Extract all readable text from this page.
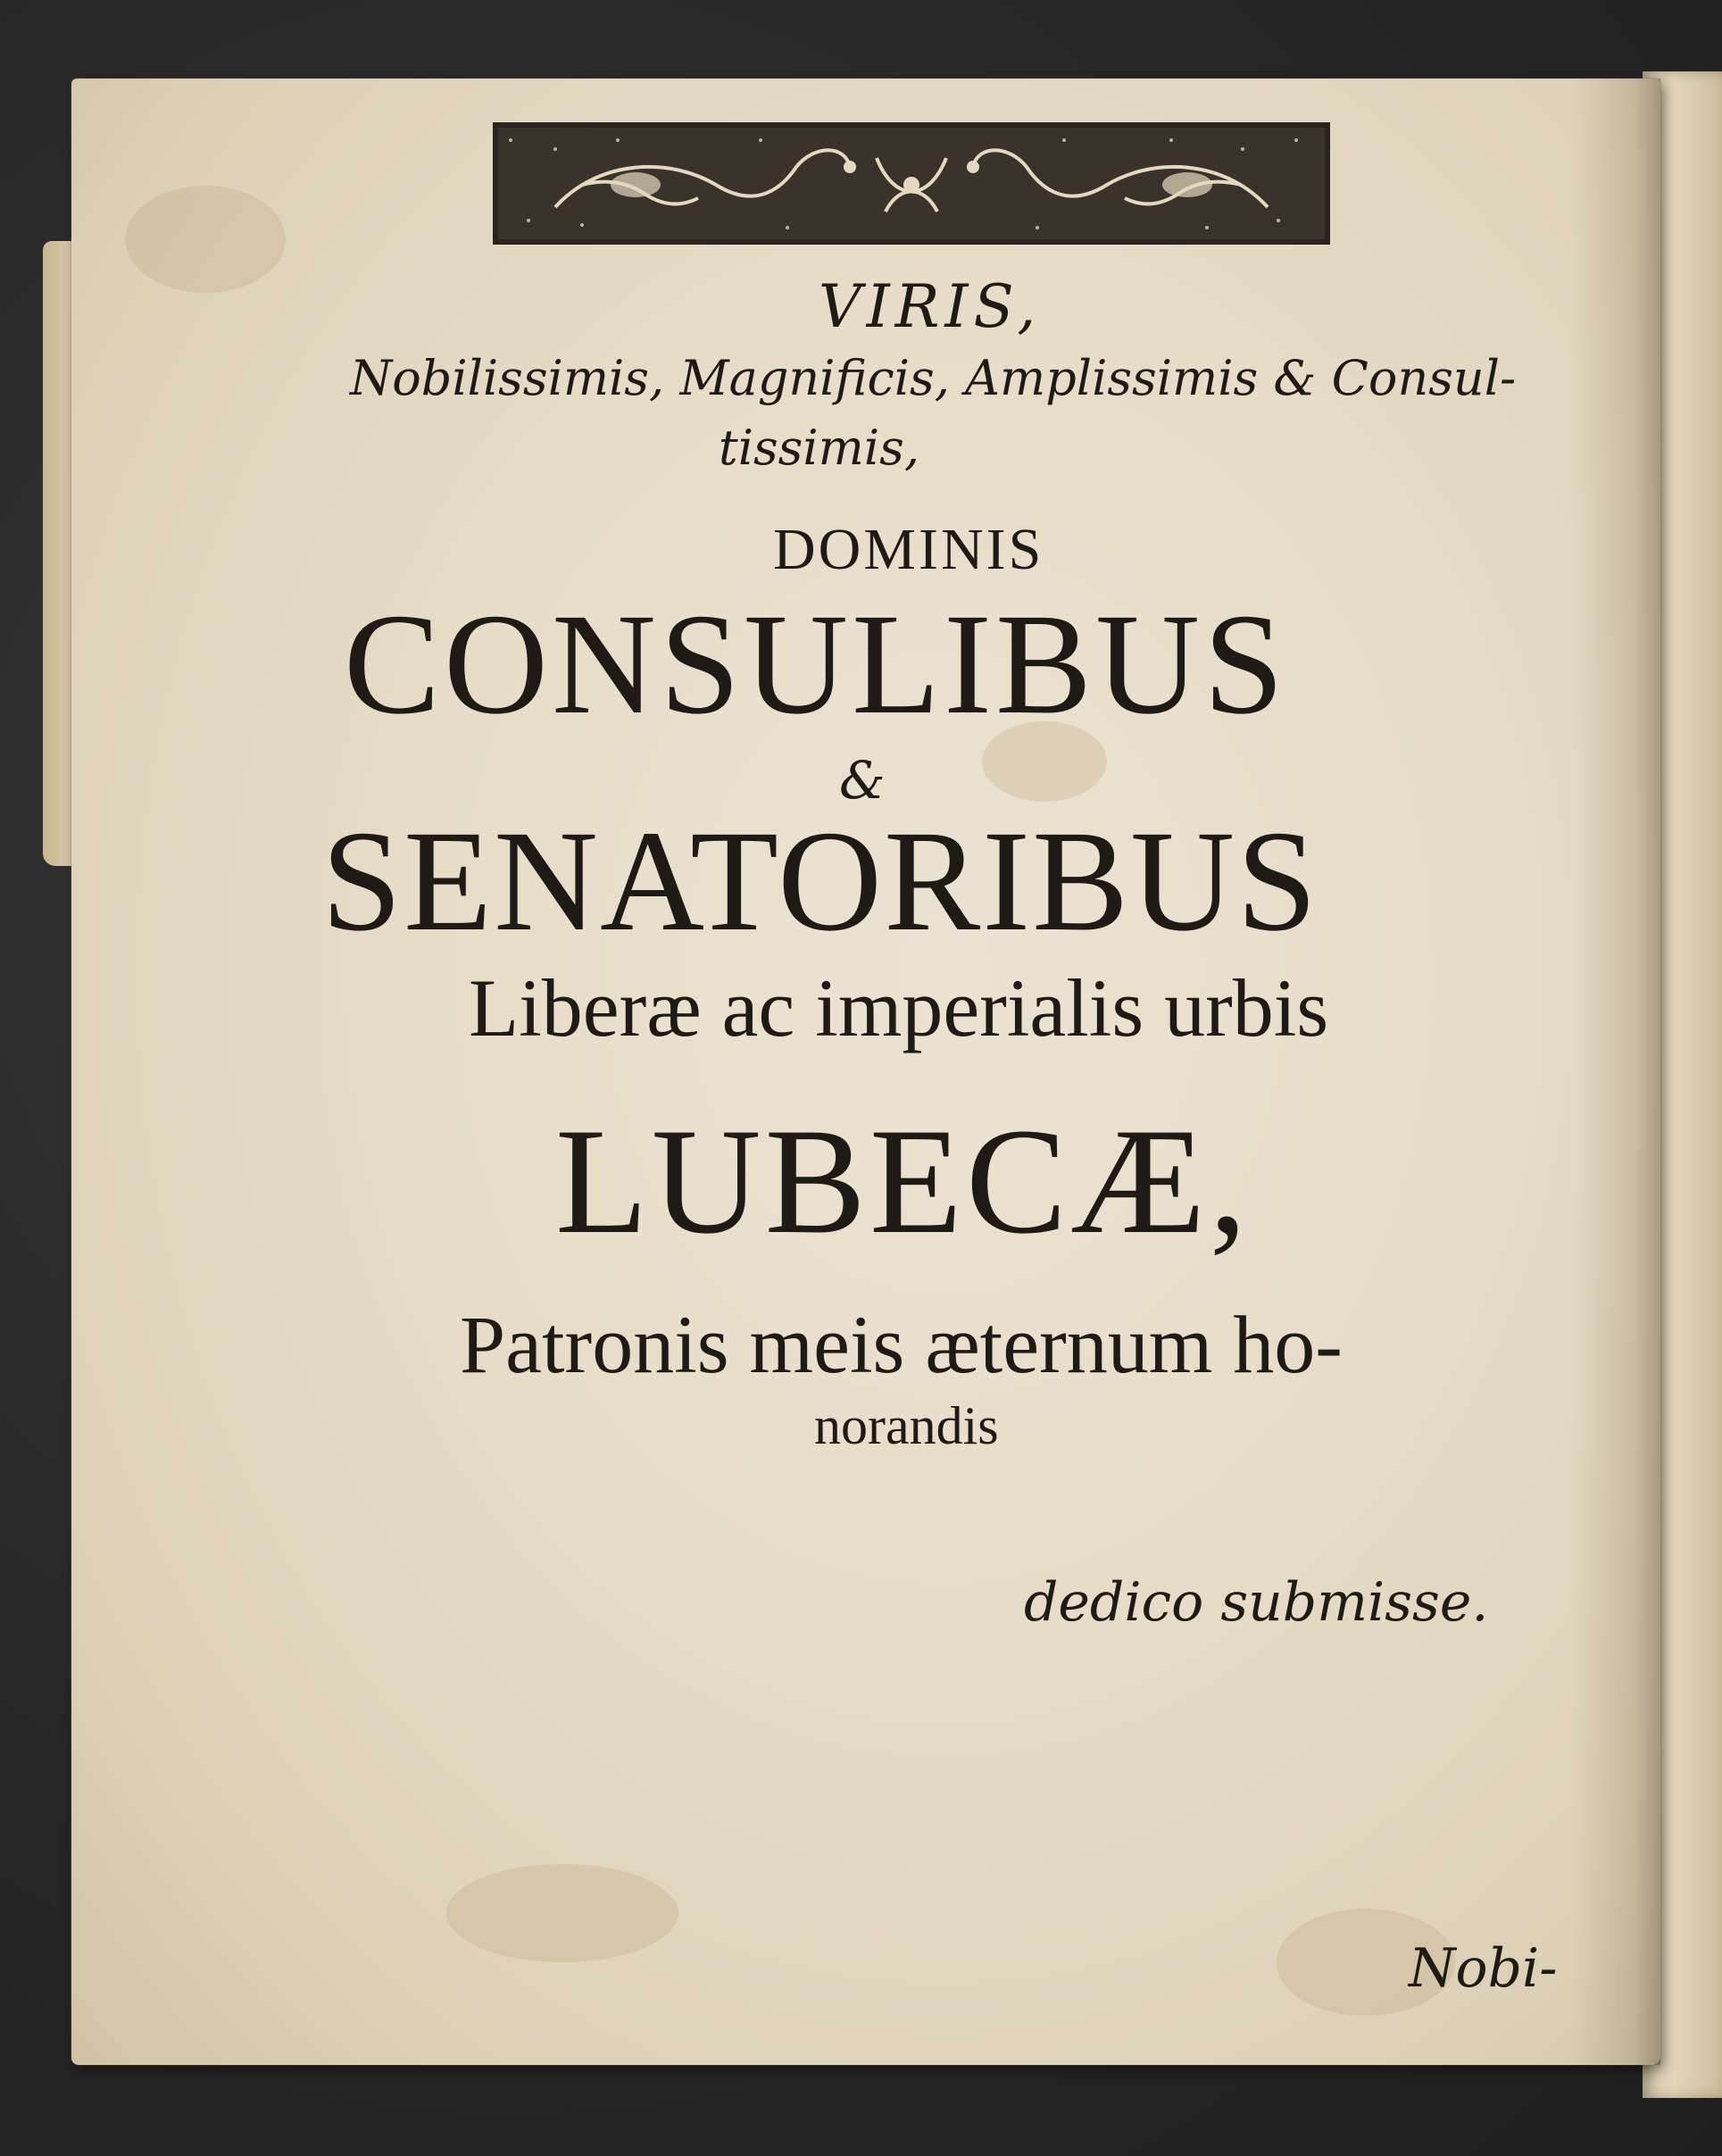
VIRIS,
Nobilissimis, Magnificis, Amplissimis & Consul-
tissimis,
DOMINIS
CONSULIBUS
&
SENATORIBUS
Liberæ ac imperialis urbis
LUBECÆ,
Patronis meis æternum ho-
norandis
dedico submisse.
Nobi-
